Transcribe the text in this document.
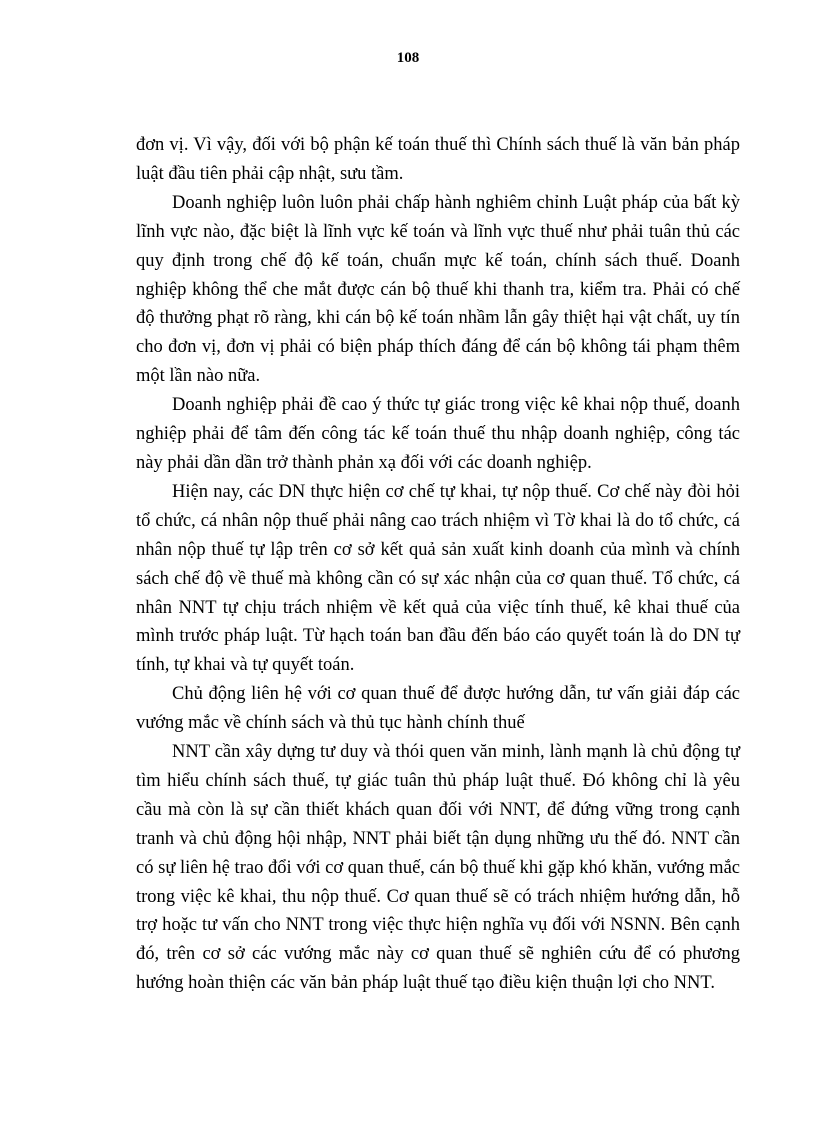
108

đơn vị. Vì vậy, đối với bộ phận kế toán thuế thì Chính sách thuế là văn bản pháp luật đầu tiên phải cập nhật, sưu tầm.

Doanh nghiệp luôn luôn phải chấp hành nghiêm chỉnh Luật pháp của bất kỳ lĩnh vực nào, đặc biệt là lĩnh vực kế toán và lĩnh vực thuế như phải tuân thủ các quy định trong chế độ kế toán, chuẩn mực kế toán, chính sách thuế. Doanh nghiệp không thể che mắt được cán bộ thuế khi thanh tra, kiểm tra. Phải có chế độ thưởng phạt rõ ràng, khi cán bộ kế toán nhầm lẫn gây thiệt hại vật chất, uy tín cho đơn vị, đơn vị phải có biện pháp thích đáng để cán bộ không tái phạm thêm một lần nào nữa.

Doanh nghiệp phải đề cao ý thức tự giác trong việc kê khai nộp thuế, doanh nghiệp phải để tâm đến công tác kế toán thuế thu nhập doanh nghiệp, công tác này phải dần dần trở thành phản xạ đối với các doanh nghiệp.

Hiện nay, các DN thực hiện cơ chế tự khai, tự nộp thuế. Cơ chế này đòi hỏi tổ chức, cá nhân nộp thuế phải nâng cao trách nhiệm vì Tờ khai là do tổ chức, cá nhân nộp thuế tự lập trên cơ sở kết quả sản xuất kinh doanh của mình và chính sách chế độ về thuế mà không cần có sự xác nhận của cơ quan thuế. Tổ chức, cá nhân NNT tự chịu trách nhiệm về kết quả của việc tính thuế, kê khai thuế của mình trước pháp luật. Từ hạch toán ban đầu đến báo cáo quyết toán là do DN tự tính, tự khai và tự quyết toán.

Chủ động liên hệ với cơ quan thuế để được hướng dẫn, tư vấn giải đáp các vướng mắc về chính sách và thủ tục hành chính thuế

NNT cần xây dựng tư duy và thói quen văn minh, lành mạnh là chủ động tự tìm hiểu chính sách thuế, tự giác tuân thủ pháp luật thuế. Đó không chỉ là yêu cầu mà còn là sự cần thiết khách quan đối với NNT, để đứng vững trong cạnh tranh và chủ động hội nhập, NNT phải biết tận dụng những ưu thế đó. NNT cần có sự liên hệ trao đổi với cơ quan thuế, cán bộ thuế khi gặp khó khăn, vướng mắc trong việc kê khai, thu nộp thuế. Cơ quan thuế sẽ có trách nhiệm hướng dẫn, hỗ trợ hoặc tư vấn cho NNT trong việc thực hiện nghĩa vụ đối với NSNN. Bên cạnh đó, trên cơ sở các vướng mắc này cơ quan thuế sẽ nghiên cứu để có phương hướng hoàn thiện các văn bản pháp luật thuế tạo điều kiện thuận lợi cho NNT.
